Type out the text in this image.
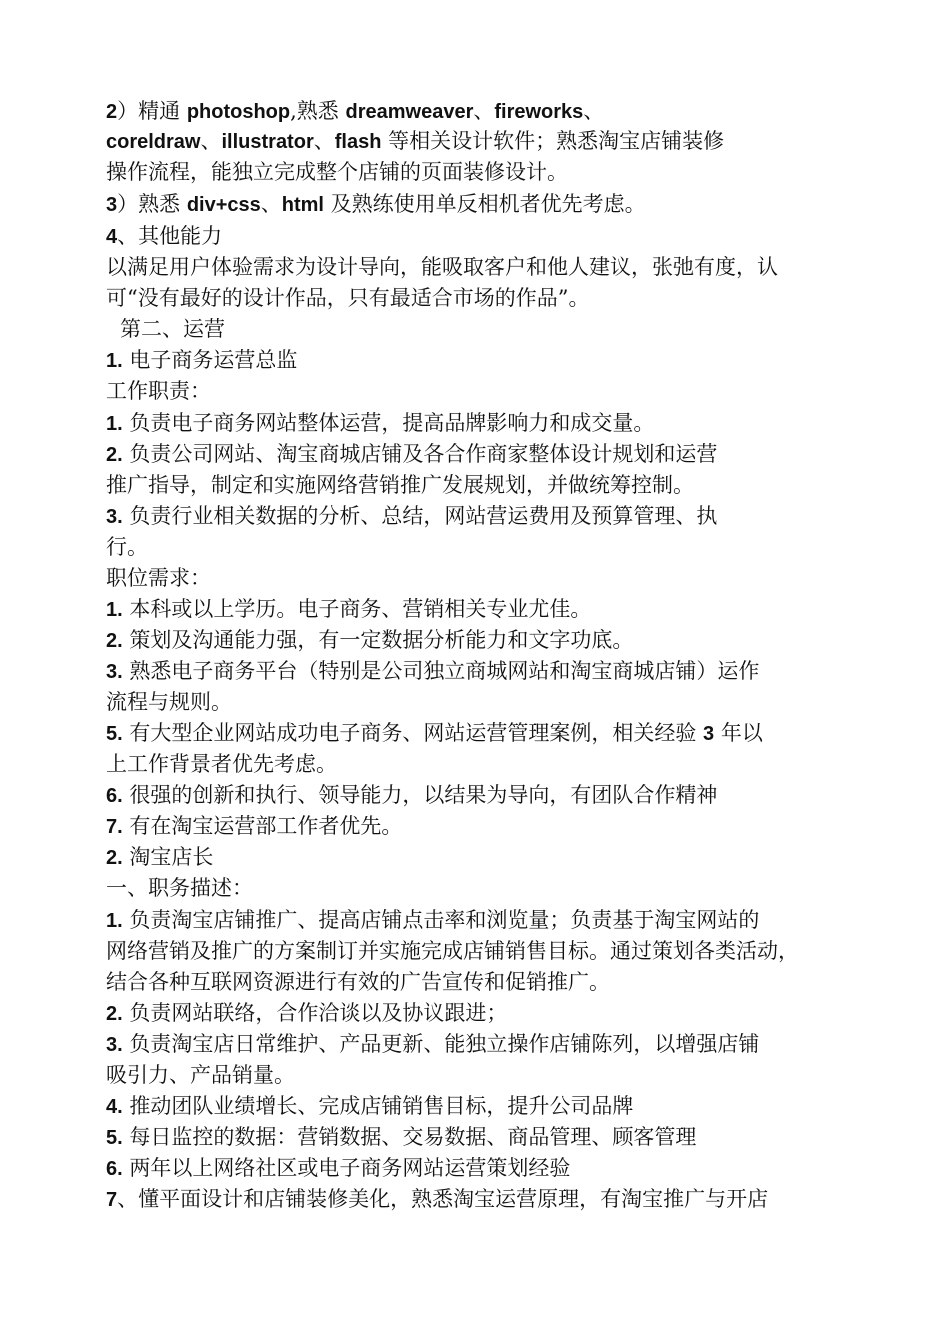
2）精通 photoshop,熟悉 dreamweaver、fireworks、
coreldraw、illustrator、flash 等相关设计软件；熟悉淘宝店铺装修
操作流程，能独立完成整个店铺的页面装修设计。
3）熟悉 div+css、html 及熟练使用单反相机者优先考虑。
4、其他能力
以满足用户体验需求为设计导向，能吸取客户和他人建议，张弛有度，认
可“没有最好的设计作品，只有最适合市场的作品”。
第二、运营
1. 电子商务运营总监
工作职责：
1. 负责电子商务网站整体运营，提高品牌影响力和成交量。
2. 负责公司网站、淘宝商城店铺及各合作商家整体设计规划和运营
推广指导，制定和实施网络营销推广发展规划，并做统筹控制。
3. 负责行业相关数据的分析、总结，网站营运费用及预算管理、执
行。
职位需求：
1. 本科或以上学历。电子商务、营销相关专业尤佳。
2. 策划及沟通能力强，有一定数据分析能力和文字功底。
3. 熟悉电子商务平台（特别是公司独立商城网站和淘宝商城店铺）运作
流程与规则。
5. 有大型企业网站成功电子商务、网站运营管理案例，相关经验 3 年以
上工作背景者优先考虑。
6. 很强的创新和执行、领导能力，以结果为导向，有团队合作精神
7. 有在淘宝运营部工作者优先。
2. 淘宝店长
一、职务描述：
1. 负责淘宝店铺推广、提高店铺点击率和浏览量；负责基于淘宝网站的
网络营销及推广的方案制订并实施完成店铺销售目标。通过策划各类活动，
结合各种互联网资源进行有效的广告宣传和促销推广。
2. 负责网站联络，合作洽谈以及协议跟进；
3. 负责淘宝店日常维护、产品更新、能独立操作店铺陈列，以增强店铺
吸引力、产品销量。
4. 推动团队业绩增长、完成店铺销售目标，提升公司品牌
5. 每日监控的数据：营销数据、交易数据、商品管理、顾客管理
6. 两年以上网络社区或电子商务网站运营策划经验
7、懂平面设计和店铺装修美化，熟悉淘宝运营原理，有淘宝推广与开店
